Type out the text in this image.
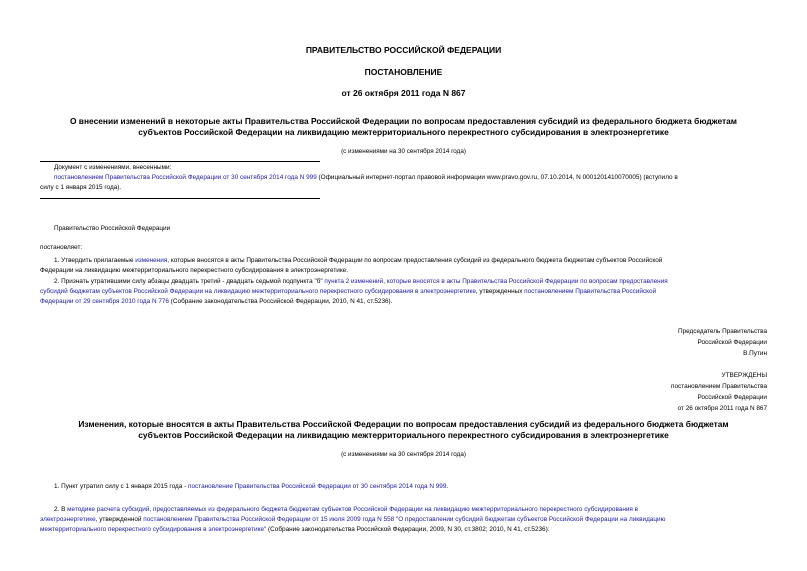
ПРАВИТЕЛЬСТВО РОССИЙСКОЙ ФЕДЕРАЦИИ
ПОСТАНОВЛЕНИЕ
от 26 октября 2011 года N 867
О внесении изменений в некоторые акты Правительства Российской Федерации по вопросам предоставления субсидий из федерального бюджета бюджетам
субъектов Российской Федерации на ликвидацию межтерриториального перекрестного субсидирования в электроэнергетике
(с изменениями на 30 сентября 2014 года)
Документ с изменениями, внесенными:
постановлением Правительства Российской Федерации от 30 сентября 2014 года N 999 (Официальный интернет-портал правовой информации www.pravo.gov.ru, 07.10.2014, N 0001201410070005) (вступило в
силу с 1 января 2015 года).
Правительство Российской Федерации
постановляет:
1. Утвердить прилагаемые изменения, которые вносятся в акты Правительства Российской Федерации по вопросам предоставления субсидий из федерального бюджета бюджетам субъектов Российской
Федерации на ликвидацию межтерриториального перекрестного субсидирования в электроэнергетике.
2. Признать утратившими силу абзацы двадцать третий - двадцать седьмой подпункта "б" пункта 2 изменений, которые вносятся в акты Правительства Российской Федерации по вопросам предоставления
субсидий бюджетам субъектов Российской Федерации на ликвидацию межтерриториального перекрестного субсидирования в электроэнергетике, утвержденных постановлением Правительства Российской
Федерации от 29 сентября 2010 года N 776 (Собрание законодательства Российской Федерации, 2010, N 41, ст.5236).
Председатель Правительства
Российской Федерации
В.Путин
УТВЕРЖДЕНЫ
постановлением Правительства
Российской Федерации
от 26 октября 2011 года N 867
Изменения, которые вносятся в акты Правительства Российской Федерации по вопросам предоставления субсидий из федерального бюджета бюджетам
субъектов Российской Федерации на ликвидацию межтерриториального перекрестного субсидирования в электроэнергетике
(с изменениями на 30 сентября 2014 года)
1. Пункт утратил силу с 1 января 2015 года - постановление Правительства Российской Федерации от 30 сентября 2014 года N 999.
2. В методике расчета субсидий, предоставляемых из федерального бюджета бюджетам субъектов Российской Федерации на ликвидацию межтерриториального перекрестного субсидирования в
электроэнергетике, утвержденной постановлением Правительства Российской Федерации от 15 июля 2009 года N 558 "О предоставлении субсидий бюджетам субъектов Российской Федерации на ликвидацию
межтерриториального перекрестного субсидирования в электроэнергетике" (Собрание законодательства Российской Федерации, 2009, N 30, ст.3802; 2010, N 41, ст.5236):
